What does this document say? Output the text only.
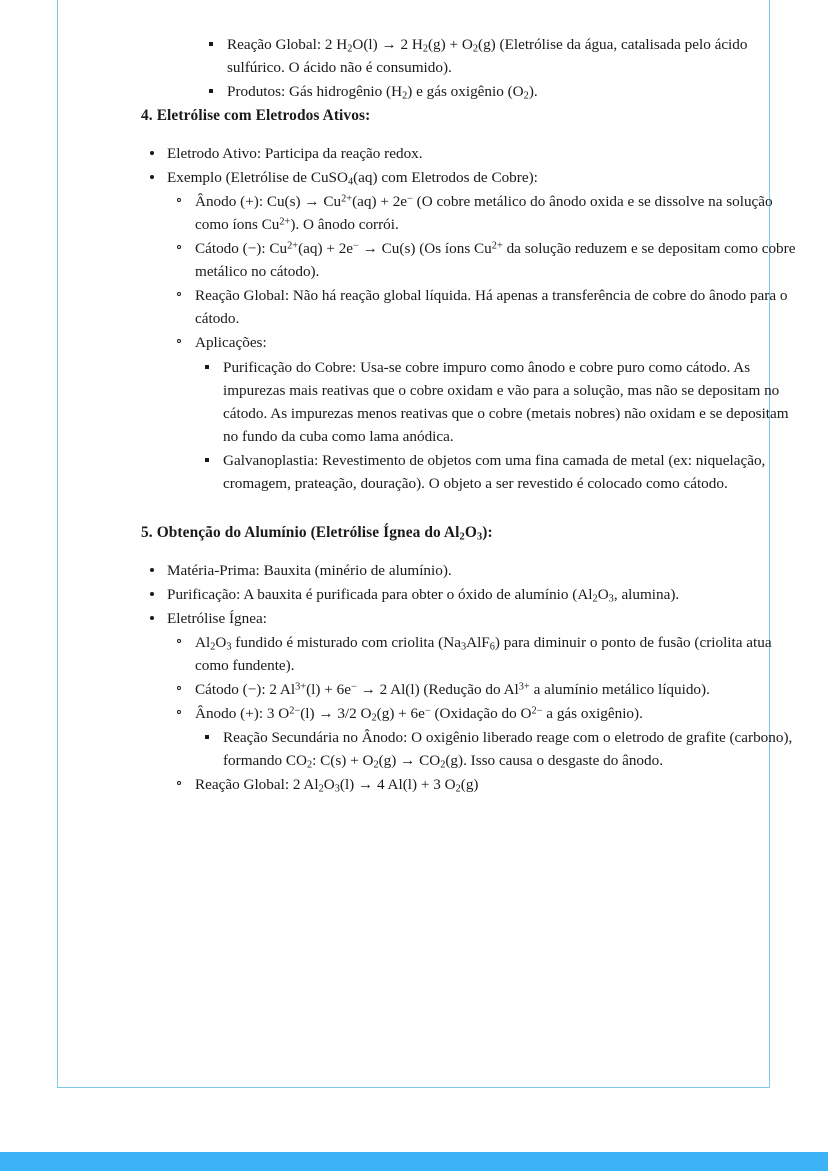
Reação Global: 2 $H_2O(l) \to 2$ $H_2(g) + O_2(g)$ (Eletrólise da água, catalisada pelo ácido sulfúrico. O ácido não é consumido).
Produtos: Gás hidrogênio $(H_2)$ e gás oxigênio $(O_2)$.
4. Eletrólise com Eletrodos Ativos:
Eletrodo Ativo: Participa da reação redox.
Exemplo (Eletrólise de CuSO$_4$(aq) com Eletrodos de Cobre):
Ânodo (+): $Cu(s) \to Cu^{2+}(aq) + 2e^-$ (O cobre metálico do ânodo oxida e se dissolve na solução como íons $Cu^{2+}$). O ânodo corrói.
Cátodo (−): $Cu^{2+}(aq) + 2e^- \to Cu(s)$ (Os íons $Cu^{2+}$ da solução reduzem e se depositam como cobre metálico no cátodo).
Reação Global: Não há reação global líquida. Há apenas a transferência de cobre do ânodo para o cátodo.
Aplicações:
Purificação do Cobre: Usa-se cobre impuro como ânodo e cobre puro como cátodo. As impurezas mais reativas que o cobre oxidam e vão para a solução, mas não se depositam no cátodo. As impurezas menos reativas que o cobre (metais nobres) não oxidam e se depositam no fundo da cuba como lama anódica.
Galvanoplastia: Revestimento de objetos com uma fina camada de metal (ex: niquelação, cromagem, prateação, douração). O objeto a ser revestido é colocado como cátodo.
5. Obtenção do Alumínio (Eletrólise Ígnea do $Al_2O_3$):
Matéria-Prima: Bauxita (minério de alumínio).
Purificação: A bauxita é purificada para obter o óxido de alumínio ($Al_2O_3$, alumina).
Eletrólise Ígnea:
$Al_2O_3$ fundido é misturado com criolita $(Na_3AlF_6)$ para diminuir o ponto de fusão (criolita atua como fundente).
Cátodo (−): 2 $Al^{3+}(l) + 6e^- \to 2$ Al(l) (Redução do $Al^{3+}$ a alumínio metálico líquido).
Ânodo (+): 3 $O^{2-}(l) \to 3/2$ $O_2(g) + 6e^-$ (Oxidação do $O^{2-}$ a gás oxigênio).
Reação Secundária no Ânodo: O oxigênio liberado reage com o eletrodo de grafite (carbono), formando $CO_2$: $C(s) + O_2(g) \to CO_2(g)$. Isso causa o desgaste do ânodo.
Reação Global: 2 $Al_2O_3(l) \to 4$ Al(l) + 3 $O_2(g)$
